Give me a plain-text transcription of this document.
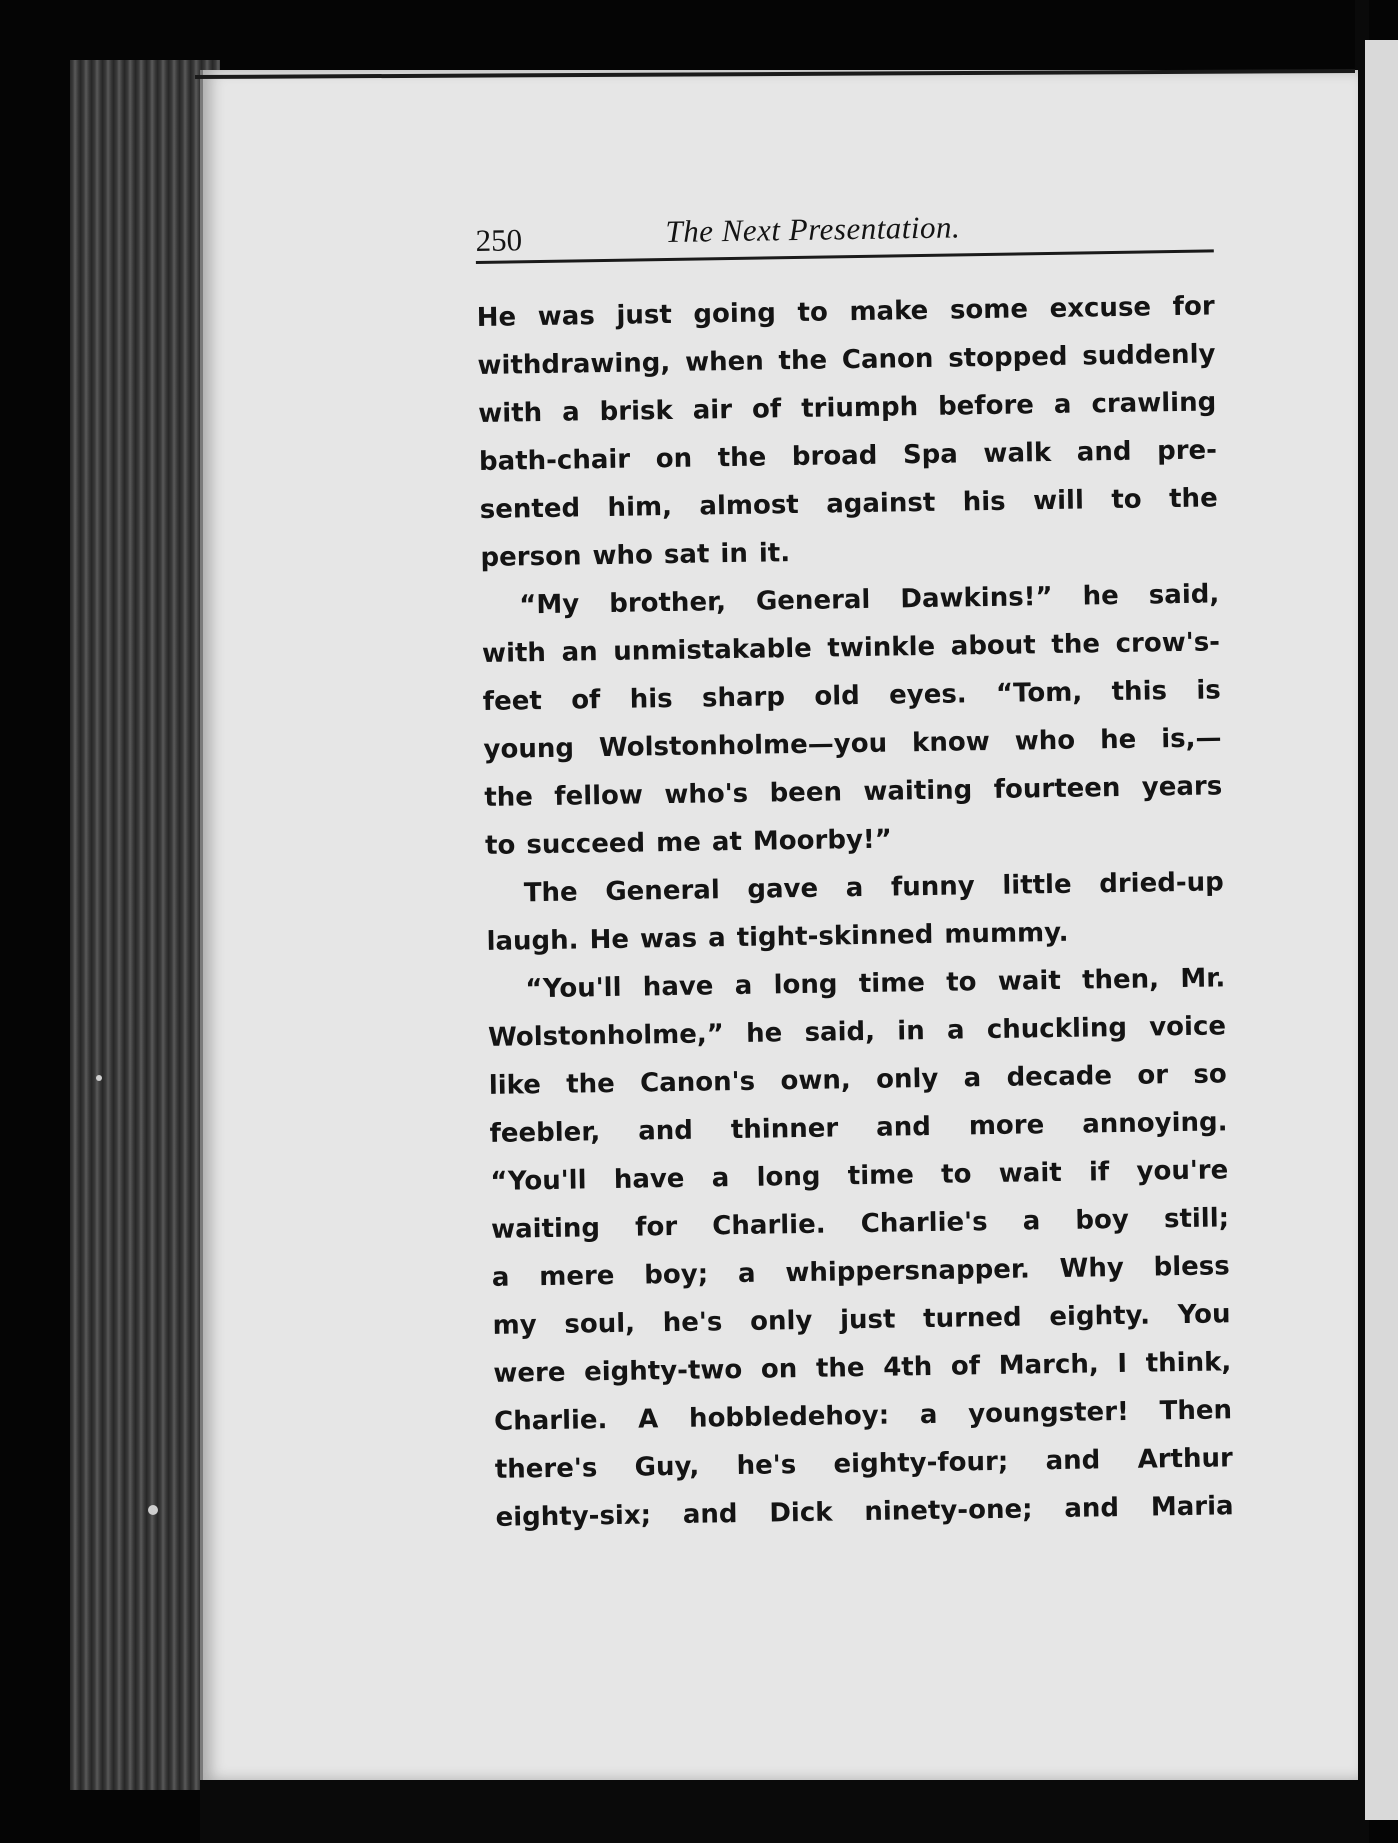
250	The Next Presentation.
He was just going to make some excuse for
withdrawing, when the Canon stopped suddenly
with a brisk air of triumph before a crawling
bath-chair on the broad Spa walk and pre-
sented him, almost against his will to the
person who sat in it.
“My brother, General Dawkins!” he said,
with an unmistakable twinkle about the crow's-
feet of his sharp old eyes. “Tom, this is
young Wolstonholme—you know who he is,—
the fellow who's been waiting fourteen years
to succeed me at Moorby!”
The General gave a funny little dried-up
laugh. He was a tight-skinned mummy.
“You'll have a long time to wait then, Mr.
Wolstonholme,” he said, in a chuckling voice
like the Canon's own, only a decade or so
feebler, and thinner and more annoying.
“You'll have a long time to wait if you're
waiting for Charlie. Charlie's a boy still;
a mere boy; a whippersnapper. Why bless
my soul, he's only just turned eighty. You
were eighty-two on the 4th of March, I think,
Charlie. A hobbledehoy: a youngster! Then
there's Guy, he's eighty-four; and Arthur
eighty-six; and Dick ninety-one; and Maria
